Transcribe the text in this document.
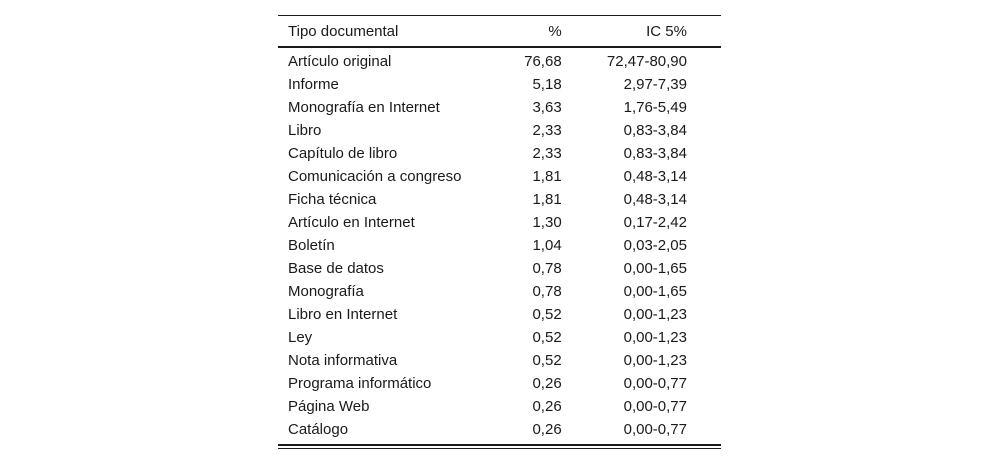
Tipo documental	%	IC 5%
Artículo original	76,68	72,47-80,90
Informe	5,18	2,97-7,39
Monografía en Internet	3,63	1,76-5,49
Libro	2,33	0,83-3,84
Capítulo de libro	2,33	0,83-3,84
Comunicación a congreso	1,81	0,48-3,14
Ficha técnica	1,81	0,48-3,14
Artículo en Internet	1,30	0,17-2,42
Boletín	1,04	0,03-2,05
Base de datos	0,78	0,00-1,65
Monografía	0,78	0,00-1,65
Libro en Internet	0,52	0,00-1,23
Ley	0,52	0,00-1,23
Nota informativa	0,52	0,00-1,23
Programa informático	0,26	0,00-0,77
Página Web	0,26	0,00-0,77
Catálogo	0,26	0,00-0,77
